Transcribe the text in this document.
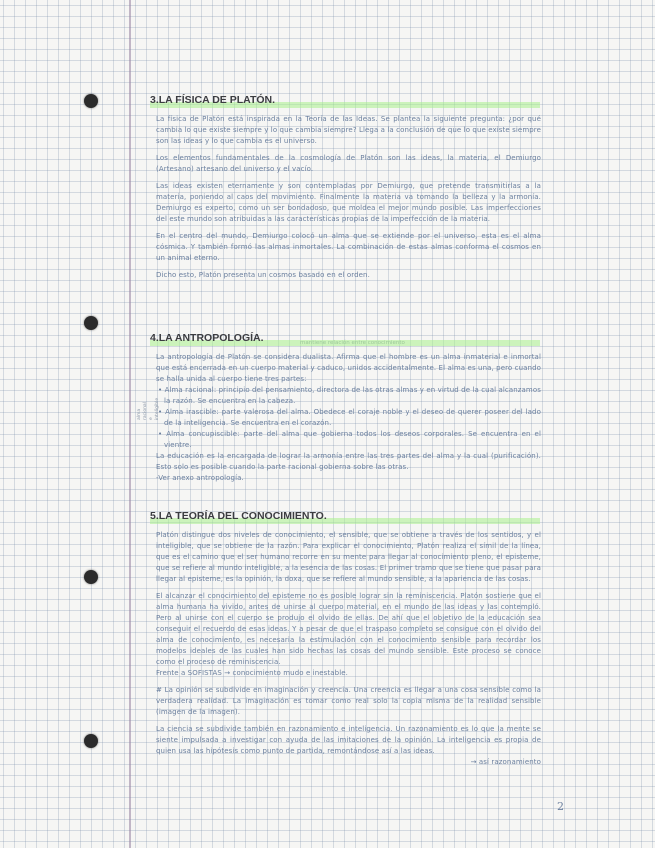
3.LA FÍSICA DE PLATÓN.

La física de Platón está inspirada en la Teoría de las Ideas. Se plantea la siguiente pregunta: ¿por qué cambia lo que existe siempre y lo que cambia siempre? Llega a la conclusión de que lo que existe siempre son las ideas y lo que cambia es el universo.

Los elementos fundamentales de la cosmología de Platón son las ideas, la materia, el Demiurgo (Artesano) artesano del universo y el vacío.

Las ideas existen eternamente y son contempladas por Demiurgo, que pretende transmitirlas a la materia, poniendo al caos del movimiento. Finalmente la materia va tomando la belleza y la armonía. Demiurgo es experto, como un ser bondadoso, que moldea el mejor mundo posible. Las imperfecciones del este mundo son atribuidas a las características propias de la imperfección de la materia.

En el centro del mundo, Demiurgo colocó un alma que se extiende por el universo, esta es el alma cósmica. Y también formó las almas inmortales. La combinación de estas almas conforma el cosmos en un animal eterno.

Dicho esto, Platón presenta un cosmos basado en el orden.

4.LA ANTROPOLOGÍA.
alma racional e inteligible

La antropología de Platón se considera dualista. Afirma que el hombre es un alma inmaterial e inmortal que está encerrada en un cuerpo material y caduco, unidos accidentalmente. El alma es una, pero cuando se halla unida al cuerpo tiene tres partes:

• Alma racional: principio del pensamiento, directora de las otras almas y en virtud de la cual alcanzamos la razón. Se encuentra en la cabeza.

• Alma irascible: parte valerosa del alma. Obedece el coraje noble y el deseo de querer poseer del lado de la inteligencia. Se encuentra en el corazón.

• Alma concupiscible: parte del alma que gobierna todos los deseos corporales. Se encuentra en el vientre.

La educación es la encargada de lograr la armonía entre las tres partes del alma y la cual (purificación). Esto solo es posible cuando la parte racional gobierna sobre las otras.

-Ver anexo antropología.

5.LA TEORÍA DEL CONOCIMIENTO.

Platón distingue dos niveles de conocimiento, el sensible, que se obtiene a través de los sentidos, y el inteligible, que se obtiene de la razón. Para explicar el conocimiento, Platón realiza el símil de la línea, que es el camino que el ser humano recorre en su mente para llegar al conocimiento pleno, el episteme, que se refiere al mundo inteligible, a la esencia de las cosas. El primer tramo que se tiene que pasar para llegar al episteme, es la opinión, la doxa, que se refiere al mundo sensible, a la apariencia de las cosas.

El alcanzar el conocimiento del episteme no es posible lograr sin la reminiscencia. Platón sostiene que el alma humana ha vivido, antes de unirse al cuerpo material, en el mundo de las ideas y las contempló. Pero al unirse con el cuerpo se produjo el olvido de ellas. De ahí que el objetivo de la educación sea conseguir el recuerdo de esas ideas. Y a pesar de que el traspaso completo se consigue con el olvido del alma de conocimiento, es necesaria la estimulación con el conocimiento sensible para recordar los modelos ideales de las cuales han sido hechas las cosas del mundo sensible. Este proceso se conoce como el proceso de reminiscencia.

Frente a SOFISTAS → conocimiento mudo e inestable.

# La opinión se subdivide en imaginación y creencia. Una creencia es llegar a una cosa sensible como la verdadera realidad. La imaginación es tomar como real solo la copia misma de la realidad sensible (imagen de la imagen).

La ciencia se subdivide también en razonamiento e inteligencia. Un razonamiento es lo que la mente se siente impulsada a investigar con ayuda de las imitaciones de la opinión. La inteligencia es propia de quien usa las hipótesis como punto de partida, remontándose así a las ideas.

→ así razonamiento

2
